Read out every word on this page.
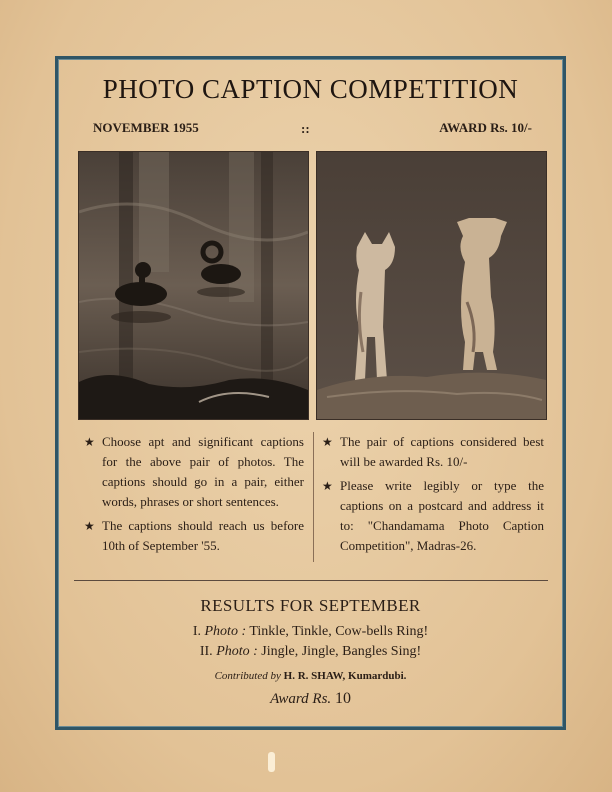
PHOTO CAPTION COMPETITION
NOVEMBER 1955	::	AWARD Rs. 10/-
★ Choose apt and significant captions for the above pair of photos. The captions should go in a pair, either words, phrases or short sentences.
★ The captions should reach us before 10th of September '55.
★ The pair of captions considered best will be awarded Rs. 10/-
★ Please write legibly or type the captions on a postcard and address it to: "Chandamama Photo Caption Competition", Madras-26.
RESULTS FOR SEPTEMBER
I. Photo : Tinkle, Tinkle, Cow-bells Ring!
II. Photo : Jingle, Jingle, Bangles Sing!
Contributed by H. R. SHAW, Kumardubi.
Award Rs. 10
